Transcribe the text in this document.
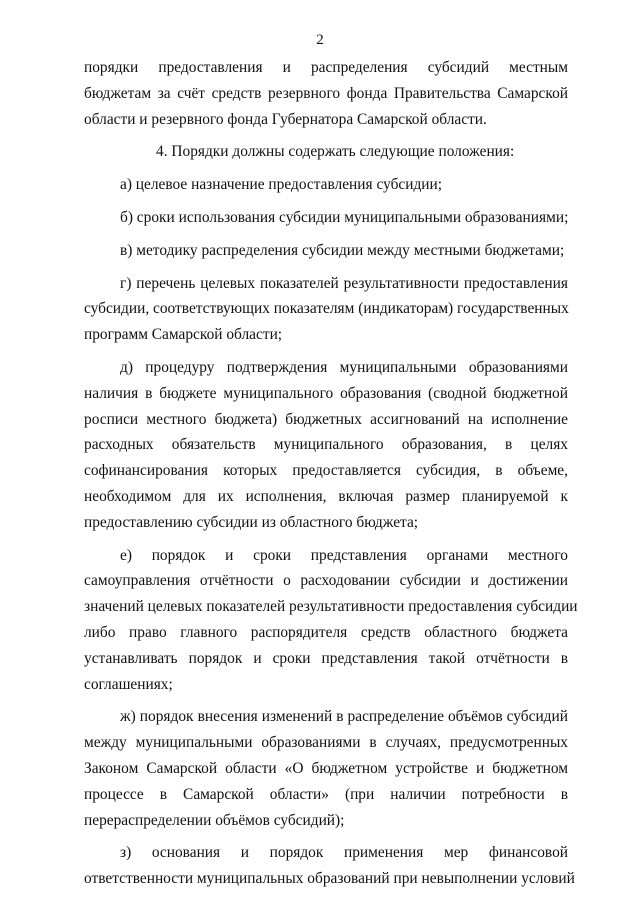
2
порядки предоставления и распределения субсидий местным
бюджетам за счёт средств резервного фонда Правительства Самарской
области и резервного фонда Губернатора Самарской области.
4. Порядки должны содержать следующие положения:
а) целевое назначение предоставления субсидии;
б) сроки использования субсидии муниципальными образованиями;
в) методику распределения субсидии между местными бюджетами;
г) перечень целевых показателей результативности предоставления
субсидии, соответствующих показателям (индикаторам) государственных
программ Самарской области;
д) процедуру подтверждения муниципальными образованиями
наличия в бюджете муниципального образования (сводной бюджетной
росписи местного бюджета) бюджетных ассигнований на исполнение
расходных обязательств муниципального образования, в целях
софинансирования которых предоставляется субсидия, в объеме,
необходимом для их исполнения, включая размер планируемой к
предоставлению субсидии из областного бюджета;
е) порядок и сроки представления органами местного
самоуправления отчётности о расходовании субсидии и достижении
значений целевых показателей результативности предоставления субсидии
либо право главного распорядителя средств областного бюджета
устанавливать порядок и сроки представления такой отчётности в
соглашениях;
ж) порядок внесения изменений в распределение объёмов субсидий
между муниципальными образованиями в случаях, предусмотренных
Законом Самарской области «О бюджетном устройстве и бюджетном
процессе в Самарской области» (при наличии потребности в
перераспределении объёмов субсидий);
з) основания и порядок применения мер финансовой
ответственности муниципальных образований при невыполнении условий
